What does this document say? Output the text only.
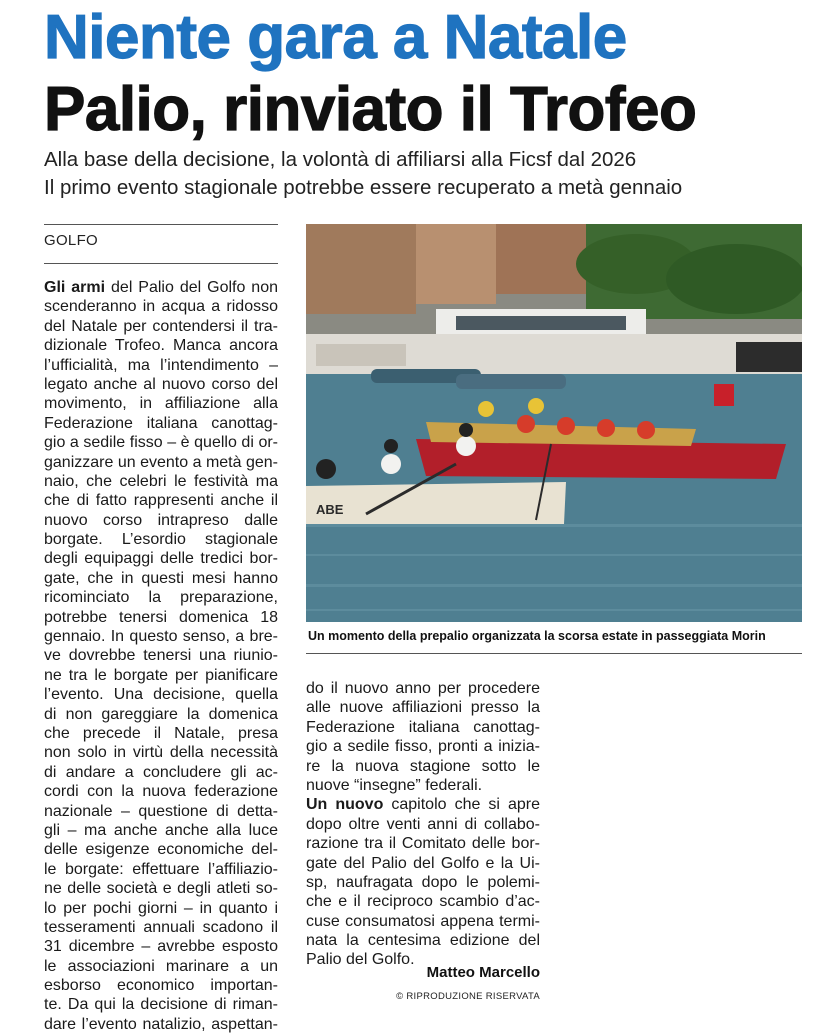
Niente gara a Natale
Palio, rinviato il Trofeo
Alla base della decisione, la volontà di affiliarsi alla Ficsf dal 2026
Il primo evento stagionale potrebbe essere recuperato a metà gennaio
GOLFO
Gli armi del Palio del Golfo non
scenderanno in acqua a ridosso
del Natale per contendersi il tra-
dizionale Trofeo. Manca ancora
l’ufficialità, ma l’intendimento –
legato anche al nuovo corso del
movimento, in affiliazione alla
Federazione italiana canottag-
gio a sedile fisso – è quello di or-
ganizzare un evento a metà gen-
naio, che celebri le festività ma
che di fatto rappresenti anche il
nuovo corso intrapreso dalle
borgate. L’esordio stagionale
degli equipaggi delle tredici bor-
gate, che in questi mesi hanno
ricominciato la preparazione,
potrebbe tenersi domenica 18
gennaio. In questo senso, a bre-
ve dovrebbe tenersi una riunio-
ne tra le borgate per pianificare
l’evento. Una decisione, quella
di non gareggiare la domenica
che precede il Natale, presa
non solo in virtù della necessità
di andare a concludere gli ac-
cordi con la nuova federazione
nazionale – questione di detta-
gli – ma anche anche alla luce
delle esigenze economiche del-
le borgate: effettuare l’affiliazio-
ne delle società e degli atleti so-
lo per pochi giorni – in quanto i
tesseramenti annuali scadono il
31 dicembre – avrebbe esposto
le associazioni marinare a un
esborso economico importan-
te. Da qui la decisione di riman-
dare l’evento natalizio, aspettan-
ABE
Un momento della prepalio organizzata la scorsa estate in passeggiata Morin
do il nuovo anno per procedere
alle nuove affiliazioni presso la
Federazione italiana canottag-
gio a sedile fisso, pronti a inizia-
re la nuova stagione sotto le
nuove “insegne” federali.
Un nuovo capitolo che si apre
dopo oltre venti anni di collabo-
razione tra il Comitato delle bor-
gate del Palio del Golfo e la Ui-
sp, naufragata dopo le polemi-
che e il reciproco scambio d’ac-
cuse consumatosi appena termi-
nata la centesima edizione del
Palio del Golfo.
Matteo Marcello
© RIPRODUZIONE RISERVATA
